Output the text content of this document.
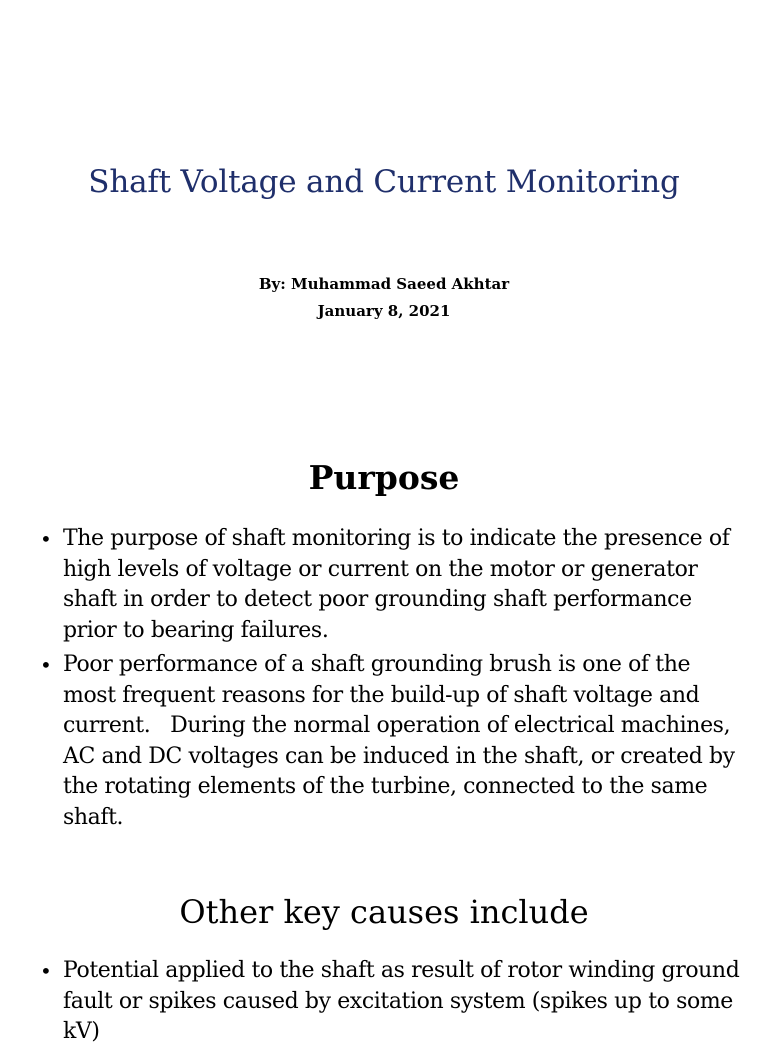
Shaft Voltage and Current Monitoring

By: Muhammad Saeed Akhtar

January 8, 2021

Purpose
• The purpose of shaft monitoring is to indicate the presence of high levels of voltage or current on the motor or generator shaft in order to detect poor grounding shaft performance prior to bearing failures.
• Poor performance of a shaft grounding brush is one of the most frequent reasons for the build-up of shaft voltage and current.   During the normal operation of electrical machines, AC and DC voltages can be induced in the shaft, or created by the rotating elements of the turbine, connected to the same shaft.
Other key causes include
• Potential applied to the shaft as result of rotor winding ground fault or spikes caused by excitation system (spikes up to some kV)
